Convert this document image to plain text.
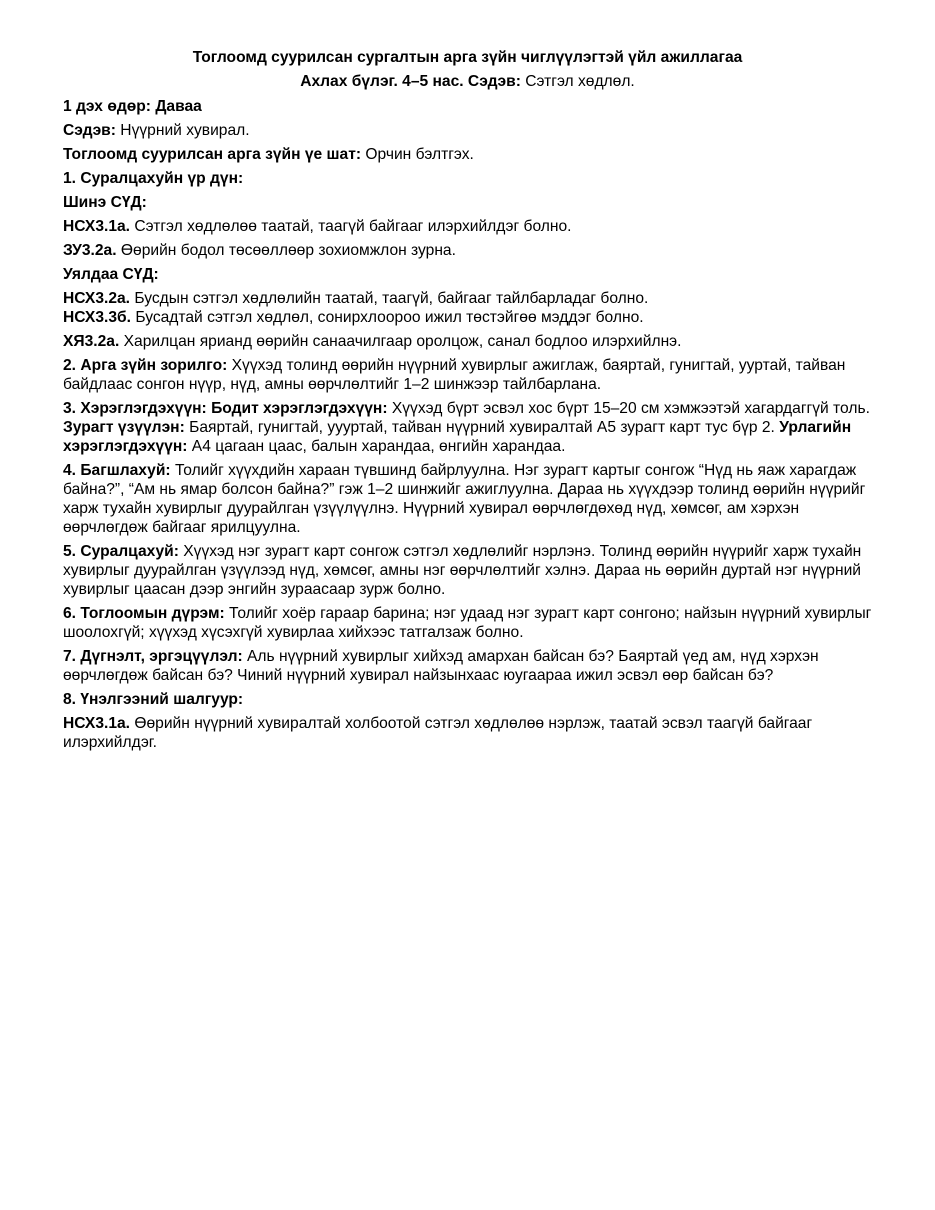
Тоглоомд суурилсан сургалтын арга зүйн чиглүүлэгтэй үйл ажиллагаа

Ахлах бүлэг. 4–5 нас. Сэдэв: Сэтгэл хөдлөл.

1 дэх өдөр: Даваа

Сэдэв: Нүүрний хувирал.

Тоглоомд суурилсан арга зүйн үе шат: Орчин бэлтгэх.

1. Суралцахуйн үр дүн:

Шинэ СҮД:

НСХ3.1а. Сэтгэл хөдлөлөө таатай, таагүй байгааг илэрхийлдэг болно.

ЗУ3.2а. Өөрийн бодол төсөөллөөр зохиомжлон зурна.

Уялдаа СҮД:

НСХ3.2а. Бусдын сэтгэл хөдлөлийн таатай, таагүй, байгааг тайлбарладаг болно.

НСХ3.3б. Бусадтай сэтгэл хөдлөл, сонирхлоороо ижил төстэйгөө мэддэг болно.

ХЯ3.2а. Харилцан ярианд өөрийн санаачилгаар оролцож, санал бодлоо илэрхийлнэ.

2. Арга зүйн зорилго: Хүүхэд толинд өөрийн нүүрний хувирлыг ажиглаж, баяртай, гунигтай, ууртай, тайван байдлаас сонгон нүүр, нүд, амны өөрчлөлтийг 1–2 шинжээр тайлбарлана.

3. Хэрэглэгдэхүүн: Бодит хэрэглэгдэхүүн: Хүүхэд бүрт эсвэл хос бүрт 15–20 см хэмжээтэй хагардаггүй толь. Зурагт үзүүлэн: Баяртай, гунигтай, уууртай, тайван нүүрний хувиралтай А5 зурагт карт тус бүр 2. Урлагийн хэрэглэгдэхүүн: А4 цагаан цаас, балын харандаа, өнгийн харандаа.

4. Багшлахуй: Толийг хүүхдийн хараан түвшинд байрлуулна. Нэг зурагт картыг сонгож “Нүд нь яаж харагдаж байна?”, “Ам нь ямар болсон байна?” гэж 1–2 шинжийг ажиглуулна. Дараа нь хүүхдээр толинд өөрийн нүүрийг харж тухайн хувирлыг дуурайлган үзүүлүүлнэ. Нүүрний хувирал өөрчлөгдөхөд нүд, хөмсөг, ам хэрхэн өөрчлөгдөж байгааг ярилцуулна.

5. Суралцахуй: Хүүхэд нэг зурагт карт сонгож сэтгэл хөдлөлийг нэрлэнэ. Толинд өөрийн нүүрийг харж тухайн хувирлыг дуурайлган үзүүлээд нүд, хөмсөг, амны нэг өөрчлөлтийг хэлнэ. Дараа нь өөрийн дуртай нэг нүүрний хувирлыг цаасан дээр энгийн зураасаар зурж болно.

6. Тоглоомын дүрэм: Толийг хоёр гараар барина; нэг удаад нэг зурагт карт сонгоно; найзын нүүрний хувирлыг шоолохгүй; хүүхэд хүсэхгүй хувирлаа хийхээс татгалзаж болно.

7. Дүгнэлт, эргэцүүлэл: Аль нүүрний хувирлыг хийхэд амархан байсан бэ? Баяртай үед ам, нүд хэрхэн өөрчлөгдөж байсан бэ? Чиний нүүрний хувирал найзынхаас юугаараа ижил эсвэл өөр байсан бэ?

8. Үнэлгээний шалгуур:

НСХ3.1а. Өөрийн нүүрний хувиралтай холбоотой сэтгэл хөдлөлөө нэрлэж, таатай эсвэл таагүй байгааг илэрхийлдэг.
